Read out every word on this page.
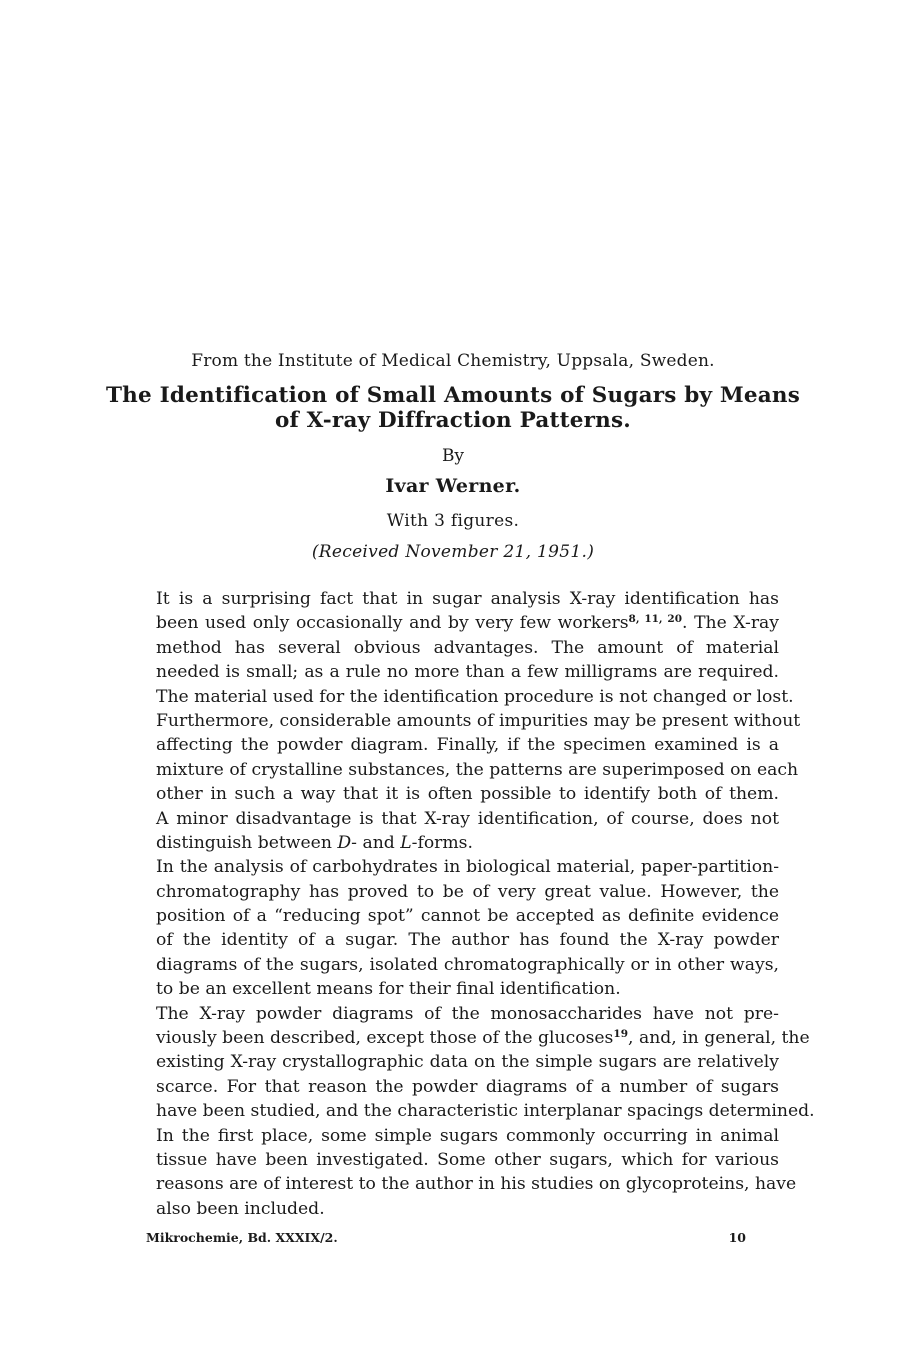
From the Institute of Medical Chemistry, Uppsala, Sweden.
The Identification of Small Amounts of Sugars by Means
of X-ray Diffraction Patterns.
By
Ivar Werner.
With 3 figures.
(Received November 21, 1951.)

It is a surprising fact that in sugar analysis X-ray identification has
been used only occasionally and by very few workers$^{8, 11, 20}$. The X-ray
method has several obvious advantages. The amount of material
needed is small; as a rule no more than a few milligrams are required.
The material used for the identification procedure is not changed or lost.
Furthermore, considerable amounts of impurities may be present without
affecting the powder diagram. Finally, if the specimen examined is a
mixture of crystalline substances, the patterns are superimposed on each
other in such a way that it is often possible to identify both of them.
A minor disadvantage is that X-ray identification, of course, does not
distinguish between D- and L-forms.

In the analysis of carbohydrates in biological material, paper-partition-
chromatography has proved to be of very great value. However, the
position of a “reducing spot” cannot be accepted as definite evidence
of the identity of a sugar. The author has found the X-ray powder
diagrams of the sugars, isolated chromatographically or in other ways,
to be an excellent means for their final identification.

The X-ray powder diagrams of the monosaccharides have not pre-
viously been described, except those of the glucoses$^{19}$, and, in general, the
existing X-ray crystallographic data on the simple sugars are relatively
scarce. For that reason the powder diagrams of a number of sugars
have been studied, and the characteristic interplanar spacings determined.
In the first place, some simple sugars commonly occurring in animal
tissue have been investigated. Some other sugars, which for various
reasons are of interest to the author in his studies on glycoproteins, have
also been included.

Mikrochemie, Bd. XXXIX/2.	10
